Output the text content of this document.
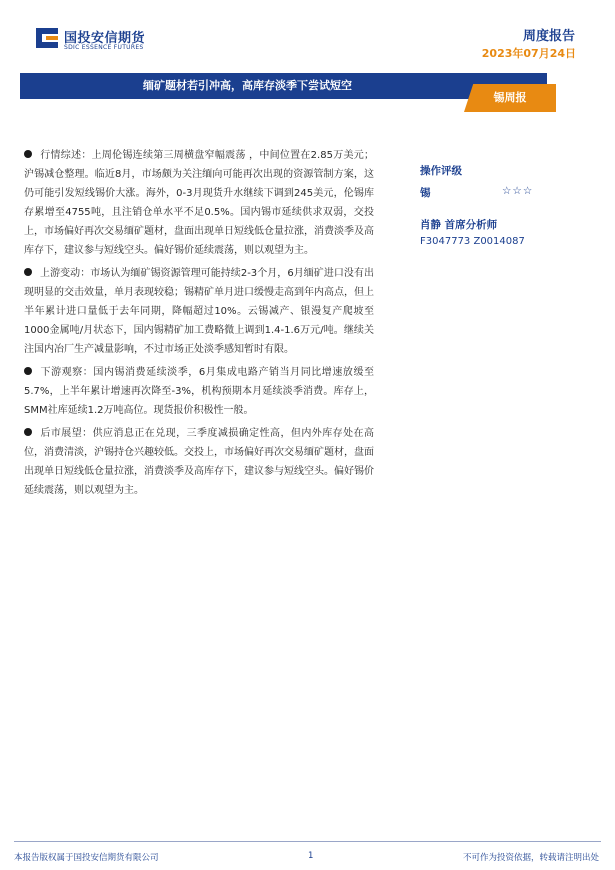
国投安信期货
SDIC ESSENCE FUTURES
周度报告
2023年07月24日
缅矿题材若引冲高，高库存淡季下尝试短空
锡周报

行情综述：上周伦锡连续第三周横盘窄幅震荡 ，中间位置在2.85万美元；沪锡减仓整理。临近8月，市场颇为关注缅向可能再次出现的资源管制方案，这仍可能引发短线锡价大涨。海外，0-3月现货升水继续下调到245美元，伦锡库存累增至4755吨，且注销仓单水平不足0.5%。国内锡市延续供求双弱，交投上，市场偏好再次交易缅矿题材，盘面出现单日短线低仓量拉涨，消费淡季及高库存下，建议参与短线空头。偏好锡价延续震荡，则以观望为主。

上游变动：市场认为缅矿锡资源管理可能持续2-3个月，6月缅矿进口没有出现明显的交击效量，单月表现较稳；锡精矿单月进口缓慢走高到年内高点，但上半年累计进口量低于去年同期，降幅超过10%。云锡减产、银漫复产爬坡至1000金属吨/月状态下，国内锡精矿加工费略微上调到1.4-1.6万元/吨。继续关注国内冶厂生产减量影响，不过市场正处淡季感知暂时有限。

下游观察：国内锡消费延续淡季，6月集成电路产销当月同比增速放缓至5.7%，上半年累计增速再次降至-3%，机构预期本月延续淡季消费。库存上，SMM社库延续1.2万吨高位。现货报价积极性一般。

后市展望：供应消息正在兑现，三季度减损确定性高，但内外库存处在高位，消费清淡，沪锡持仓兴趣较低。交投上，市场偏好再次交易缅矿题材，盘面出现单日短线低仓量拉涨，消费淡季及高库存下，建议参与短线空头。偏好锡价延续震荡，则以观望为主。

操作评级
锡	☆☆☆
肖静 首席分析师
F3047773 Z0014087
本报告版权属于国投安信期货有限公司	1	不可作为投资依据，转载请注明出处
